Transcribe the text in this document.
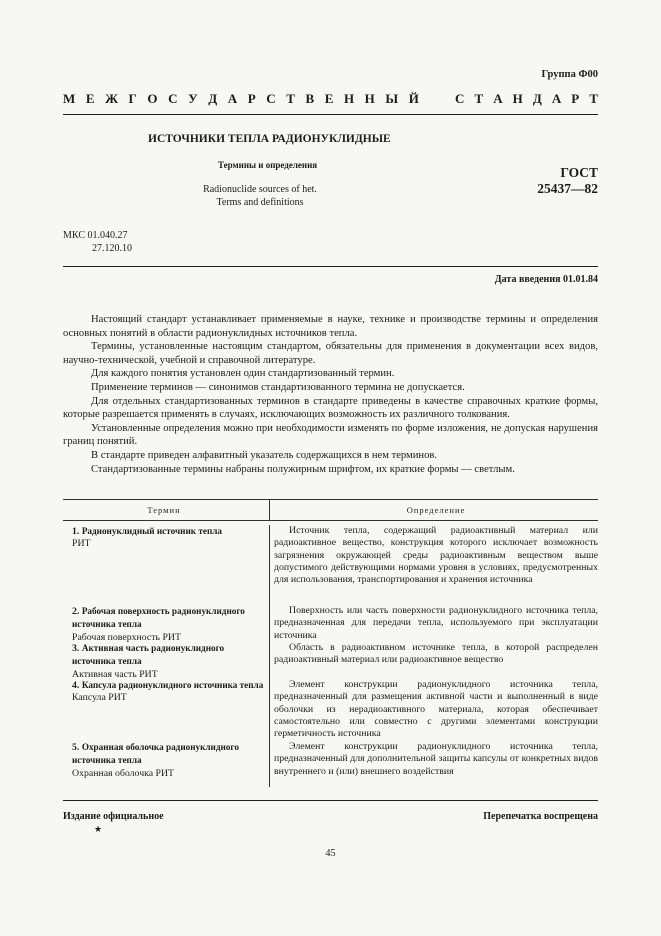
Группа Ф00
М Е Ж Г О С У Д А Р С Т В Е Н Н Ы Й	С Т А Н Д А Р Т
ИСТОЧНИКИ ТЕПЛА РАДИОНУКЛИДНЫЕ
Термины и определения
Radionuclide sources of het.
Terms and definitions
ГОСТ
25437—82
МКС 01.040.27
27.120.10
Дата введения 01.01.84

Настоящий стандарт устанавливает применяемые в науке, технике и производстве термины и определения основных понятий в области радионуклидных источников тепла.

Термины, установленные настоящим стандартом, обязательны для применения в документации всех видов, научно-технической, учебной и справочной литературе.

Для каждого понятия установлен один стандартизованный термин.

Применение терминов — синонимов стандартизованного термина не допускается.

Для отдельных стандартизованных терминов в стандарте приведены в качестве справочных краткие формы, которые разрешается применять в случаях, исключающих возможность их различного толкования.

Установленные определения можно при необходимости изменять по форме изложения, не допуская нарушения границ понятий.

В стандарте приведен алфавитный указатель содержащихся в нем терминов.

Стандартизованные термины набраны полужирным шрифтом, их краткие формы — светлым.

Термин	Определение
1. Радионуклидный источник тепла
РИТ
2. Рабочая поверхность радионуклидного источника тепла
Рабочая поверхность РИТ
3. Активная часть радионуклидного источника тепла
Активная часть РИТ
4. Капсула радионуклидного источника тепла
Капсула РИТ
5. Охранная оболочка радионуклидного источника тепла
Охранная оболочка РИТ
Источник тепла, содержащий радиоактивный материал или радиоактивное вещество, конструкция которого исключает возможность загрязнения окружающей среды радиоактивным веществом выше допустимого действующими нормами уровня в условиях, предусмотренных для использования, транспортирования и хранения источника
Поверхность или часть поверхности радионуклидного источника тепла, предназначенная для передачи тепла, используемого при эксплуатации источника
Область в радиоактивном источнике тепла, в которой распределен радиоактивный материал или радиоактивное вещество
Элемент конструкции радионуклидного источника тепла, предназначенный для размещения активной части и выполненный в виде оболочки из нерадиоактивного материала, которая обеспечивает самостоятельно или совместно с другими элементами конструкции герметичность источника
Элемент конструкции радионуклидного источника тепла, предназначенный для дополнительной защиты капсулы от конкретных видов внутреннего и (или) внешнего воздействия
Издание официальное
★
Перепечатка воспрещена
45
